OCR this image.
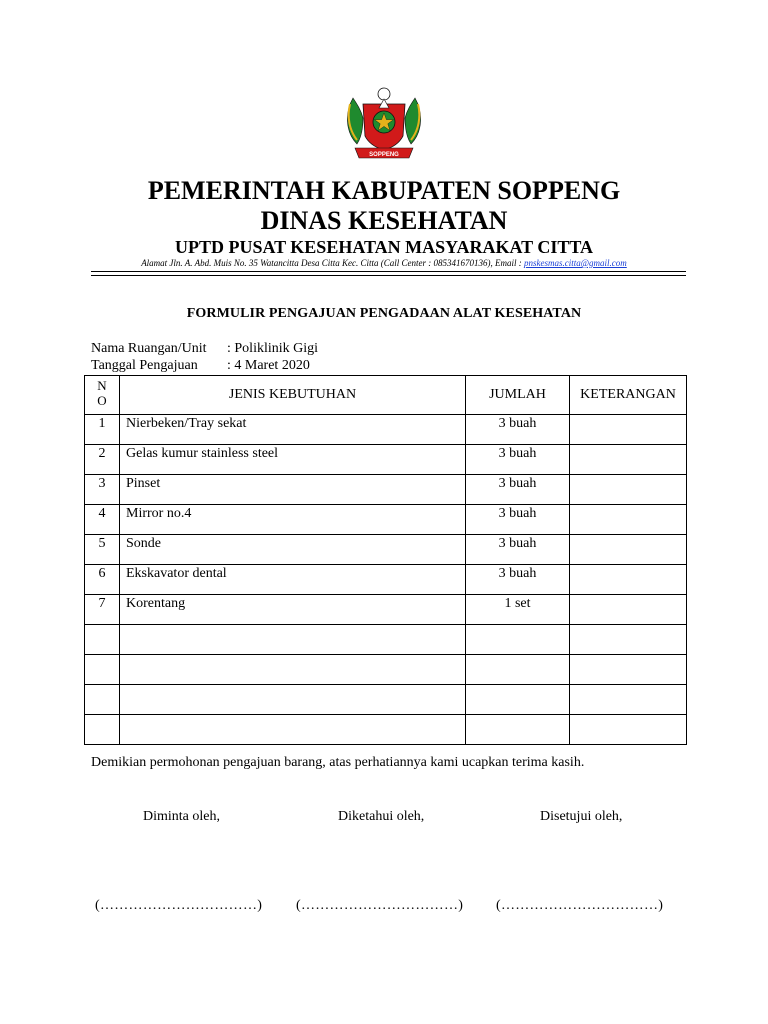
SOPPENG
PEMERINTAH KABUPATEN SOPPENG
DINAS KESEHATAN
UPTD PUSAT KESEHATAN MASYARAKAT CITTA
Alamat Jln. A. Abd. Muis No. 35 Watancitta Desa Citta Kec. Citta (Call Center : 085341670136), Email : pnskesmas.citta@gmail.com
FORMULIR PENGAJUAN PENGADAAN ALAT KESEHATAN
Nama Ruangan/Unit : Poliklinik Gigi
Tanggal Pengajuan : 4 Maret 2020
N
O	JENIS KEBUTUHAN	JUMLAH	KETERANGAN
1	Nierbeken/Tray sekat	3 buah	
2	Gelas kumur stainless steel	3 buah	
3	Pinset	3 buah	
4	Mirror no.4	3 buah	
5	Sonde	3 buah	
6	Ekskavator dental	3 buah	
7	Korentang	1 set	

Demikian permohonan pengajuan barang, atas perhatiannya kami ucapkan terima kasih.
Diminta oleh,	Diketahui oleh,	Disetujui oleh,
(……………………………) (……………………………) (……………………………)
